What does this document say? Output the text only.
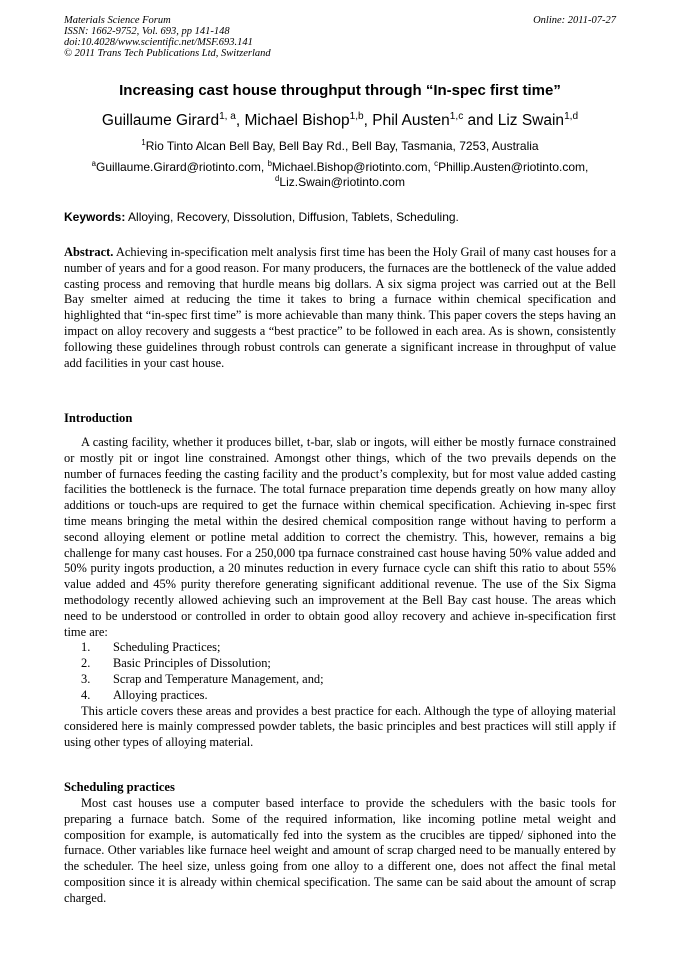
Materials Science Forum	Online: 2011-07-27
ISSN: 1662-9752, Vol. 693, pp 141-148
doi:10.4028/www.scientific.net/MSF.693.141
© 2011 Trans Tech Publications Ltd, Switzerland
Increasing cast house throughput through “In-spec first time”
Guillaume Girard$^{1, a}$, Michael Bishop$^{1,b}$, Phil Austen$^{1,c}$ and Liz Swain$^{1,d}$
$^1$Rio Tinto Alcan Bell Bay, Bell Bay Rd., Bell Bay, Tasmania, 7253, Australia
$^a$Guillaume.Girard@riotinto.com, $^b$Michael.Bishop@riotinto.com, $^c$Phillip.Austen@riotinto.com,
$^d$Liz.Swain@riotinto.com
Keywords: Alloying, Recovery, Dissolution, Diffusion, Tablets, Scheduling.
Abstract. Achieving in-specification melt analysis first time has been the Holy Grail of many cast houses for a number of years and for a good reason. For many producers, the furnaces are the bottleneck of the value added casting process and removing that hurdle means big dollars. A six sigma project was carried out at the Bell Bay smelter aimed at reducing the time it takes to bring a furnace within chemical specification and highlighted that “in-spec first time” is more achievable than many think. This paper covers the steps having an impact on alloy recovery and suggests a “best practice” to be followed in each area. As is shown, consistently following these guidelines through robust controls can generate a significant increase in throughput of value add facilities in your cast house.
Introduction

A casting facility, whether it produces billet, t-bar, slab or ingots, will either be mostly furnace constrained or mostly pit or ingot line constrained. Amongst other things, which of the two prevails depends on the number of furnaces feeding the casting facility and the product’s complexity, but for most value added casting facilities the bottleneck is the furnace. The total furnace preparation time depends greatly on how many alloy additions or touch-ups are required to get the furnace within chemical specification. Achieving in-spec first time means bringing the metal within the desired chemical composition range without having to perform a second alloying element or potline metal addition to correct the chemistry. This, however, remains a big challenge for many cast houses. For a 250,000 tpa furnace constrained cast house having 50% value added and 50% purity ingots production, a 20 minutes reduction in every furnace cycle can shift this ratio to about 55% value added and 45% purity therefore generating significant additional revenue. The use of the Six Sigma methodology recently allowed achieving such an improvement at the Bell Bay cast house. The areas which need to be understood or controlled in order to obtain good alloy recovery and achieve in-specification first time are:

1. Scheduling Practices;
2. Basic Principles of Dissolution;
3. Scrap and Temperature Management, and;
4. Alloying practices.

This article covers these areas and provides a best practice for each. Although the type of alloying material considered here is mainly compressed powder tablets, the basic principles and best practices will still apply if using other types of alloying material.

Scheduling practices

Most cast houses use a computer based interface to provide the schedulers with the basic tools for preparing a furnace batch. Some of the required information, like incoming potline metal weight and composition for example, is automatically fed into the system as the crucibles are tipped/ siphoned into the furnace. Other variables like furnace heel weight and amount of scrap charged need to be manually entered by the scheduler. The heel size, unless going from one alloy to a different one, does not affect the final metal composition since it is already within chemical specification. The same can be said about the amount of scrap charged.
